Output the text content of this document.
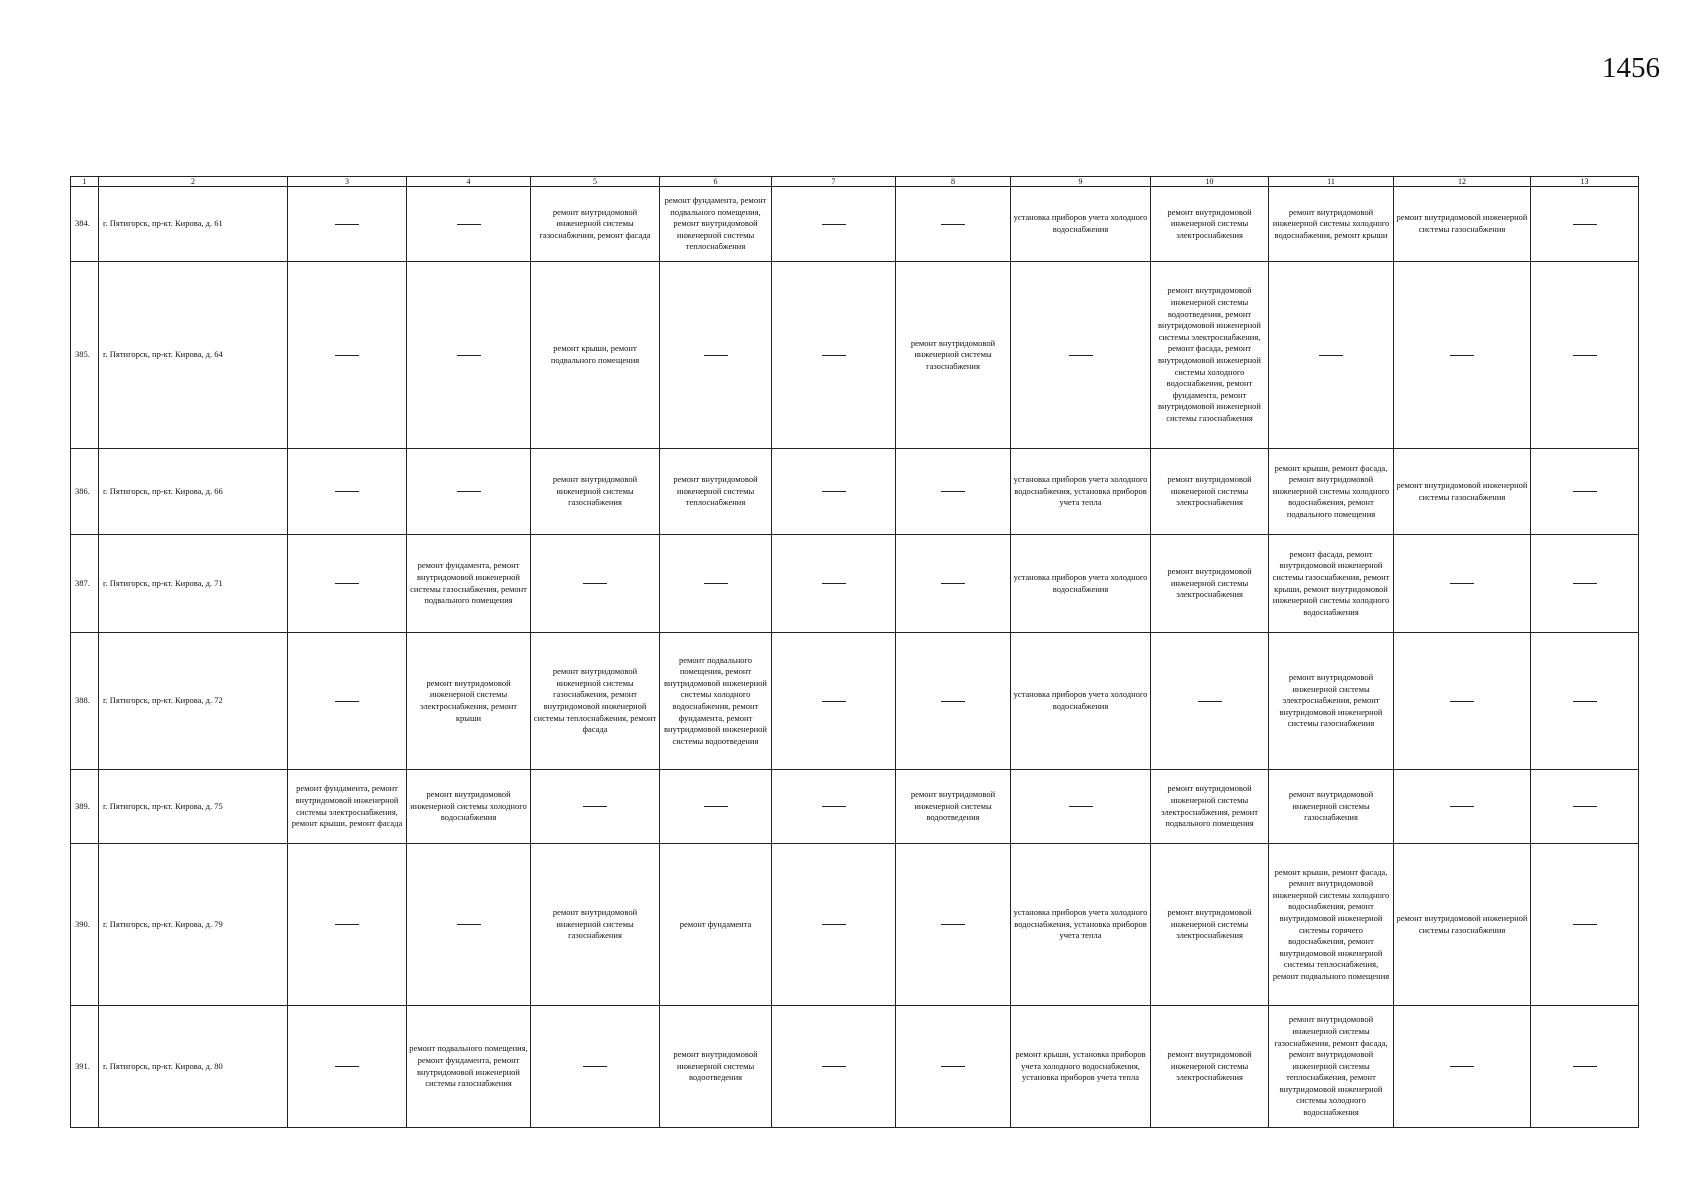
1456
1	2	3	4	5	6	7	8	9	10	11	12	13
384.	г. Пятигорск, пр-кт. Кирова, д. 61			ремонт внутридомовой инженерной системы газоснабжения, ремонт фасада	ремонт фундамента, ремонт подвального помещения, ремонт внутридомовой инженерной системы теплоснабжения			установка приборов учета холодного водоснабжения	ремонт внутридомовой инженерной системы электроснабжения	ремонт внутридомовой инженерной системы холодного водоснабжения, ремонт крыши	ремонт внутридомовой инженерной системы газоснабжения	
385.	г. Пятигорск, пр-кт. Кирова, д. 64			ремонт крыши, ремонт подвального помещения			ремонт внутридомовой инженерной системы газоснабжения		ремонт внутридомовой инженерной системы водоотведения, ремонт внутридомовой инженерной системы электроснабжения, ремонт фасада, ремонт внутридомовой инженерной системы холодного водоснабжения, ремонт фундамента, ремонт внутридомовой инженерной системы газоснабжения			
386.	г. Пятигорск, пр-кт. Кирова, д. 66			ремонт внутридомовой инженерной системы газоснабжения	ремонт внутридомовой инженерной системы теплоснабжения			установка приборов учета холодного водоснабжения, установка приборов учета тепла	ремонт внутридомовой инженерной системы электроснабжения	ремонт крыши, ремонт фасада, ремонт внутридомовой инженерной системы холодного водоснабжения, ремонт подвального помещения	ремонт внутридомовой инженерной системы газоснабжения	
387.	г. Пятигорск, пр-кт. Кирова, д. 71		ремонт фундамента, ремонт внутридомовой инженерной системы газоснабжения, ремонт подвального помещения					установка приборов учета холодного водоснабжения	ремонт внутридомовой инженерной системы электроснабжения	ремонт фасада, ремонт внутридомовой инженерной системы газоснабжения, ремонт крыши, ремонт внутридомовой инженерной системы холодного водоснабжения		
388.	г. Пятигорск, пр-кт. Кирова, д. 72		ремонт внутридомовой инженерной системы электроснабжения, ремонт крыши	ремонт внутридомовой инженерной системы газоснабжения, ремонт внутридомовой инженерной системы теплоснабжения, ремонт фасада	ремонт подвального помещения, ремонт внутридомовой инженерной системы холодного водоснабжения, ремонт фундамента, ремонт внутридомовой инженерной системы водоотведения			установка приборов учета холодного водоснабжения		ремонт внутридомовой инженерной системы электроснабжения, ремонт внутридомовой инженерной системы газоснабжения		
389.	г. Пятигорск, пр-кт. Кирова, д. 75	ремонт фундамента, ремонт внутридомовой инженерной системы электроснабжения, ремонт крыши, ремонт фасада	ремонт внутридомовой инженерной системы холодного водоснабжения				ремонт внутридомовой инженерной системы водоотведения		ремонт внутридомовой инженерной системы электроснабжения, ремонт подвального помещения	ремонт внутридомовой инженерной системы газоснабжения		
390.	г. Пятигорск, пр-кт. Кирова, д. 79			ремонт внутридомовой инженерной системы газоснабжения	ремонт фундамента			установка приборов учета холодного водоснабжения, установка приборов учета тепла	ремонт внутридомовой инженерной системы электроснабжения	ремонт крыши, ремонт фасада, ремонт внутридомовой инженерной системы холодного водоснабжения, ремонт внутридомовой инженерной системы горячего водоснабжения, ремонт внутридомовой инженерной системы теплоснабжения, ремонт подвального помещения	ремонт внутридомовой инженерной системы газоснабжения	
391.	г. Пятигорск, пр-кт. Кирова, д. 80		ремонт подвального помещения, ремонт фундамента, ремонт внутридомовой инженерной системы газоснабжения		ремонт внутридомовой инженерной системы водоотведения			ремонт крыши, установка приборов учета холодного водоснабжения, установка приборов учета тепла	ремонт внутридомовой инженерной системы электроснабжения	ремонт внутридомовой инженерной системы газоснабжения, ремонт фасада, ремонт внутридомовой инженерной системы теплоснабжения, ремонт внутридомовой инженерной системы холодного водоснабжения		
